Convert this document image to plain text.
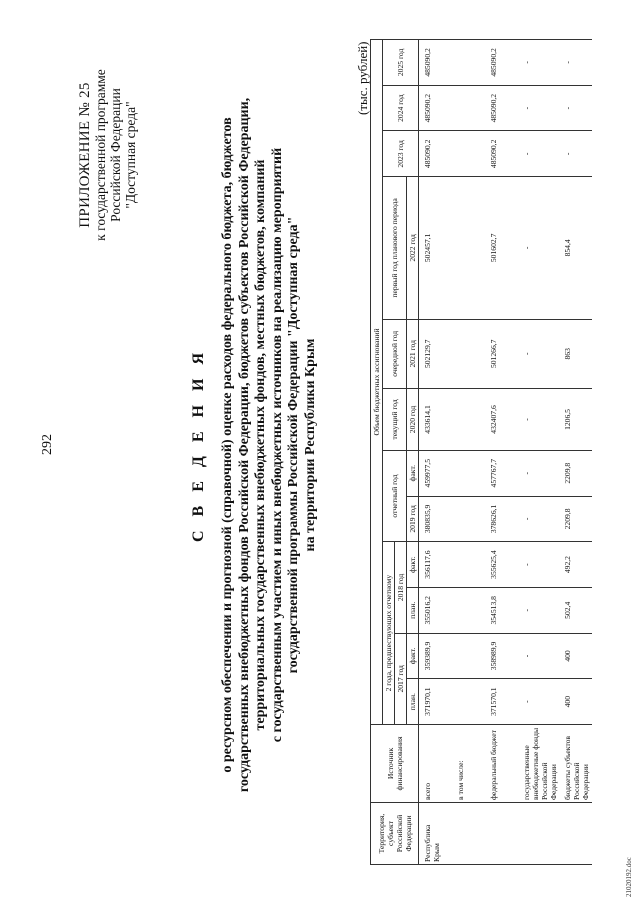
292
ПРИЛОЖЕНИЕ № 25 к государственной программе Российской Федерации "Доступная среда"
С В Е Д Е Н И Я о ресурсном обеспечении и прогнозной (справочной) оценке расходов федерального бюджета, бюджетов государственных внебюджетных фондов Российской Федерации, бюджетов субъектов Российской Федерации, территориальных государственных внебюджетных фондов, местных бюджетов, компаний с государственным участием и иных внебюджетных источников на реализацию мероприятий государственной программы Российской Федерации "Доступная среда" на территории Республики Крым
(тыс. рублей)
Территория, субъект Российской Федерации	Источник финансирования	Объем бюджетных ассигнований											
		2 года, предшествующих отчетному				отчетный год		текущий год	очередной год	первый год планового периода	2023 год	2024 год	2025 год
		2017 год		2018 год									
		план.	факт.	план.	факт.	2019 год	факт.	2020 год	2021 год	2022 год			
Республика Крым	всего	371970,1	359389,9	355016,2	356117,6	380835,9	459977,5	433614,1	502129,7	502457,1	485090,2	485090,2	485090,2
	в том числе:												
	федеральный бюджет	371570,1	358989,9	354513,8	355625,4	378626,1	457767,7	432407,6	501266,7	501602,7	485090,2	485090,2	485090,2
	государственные внебюджетные фонды Российской Федерации	-	-	-	-	-	-	-	-	-	-	-	-
	бюджеты субъектов Российской Федерации	400	400	502,4	492,2	2209,8	2209,8	1206,5	863	854,4	-	-	-
21020192.doc
